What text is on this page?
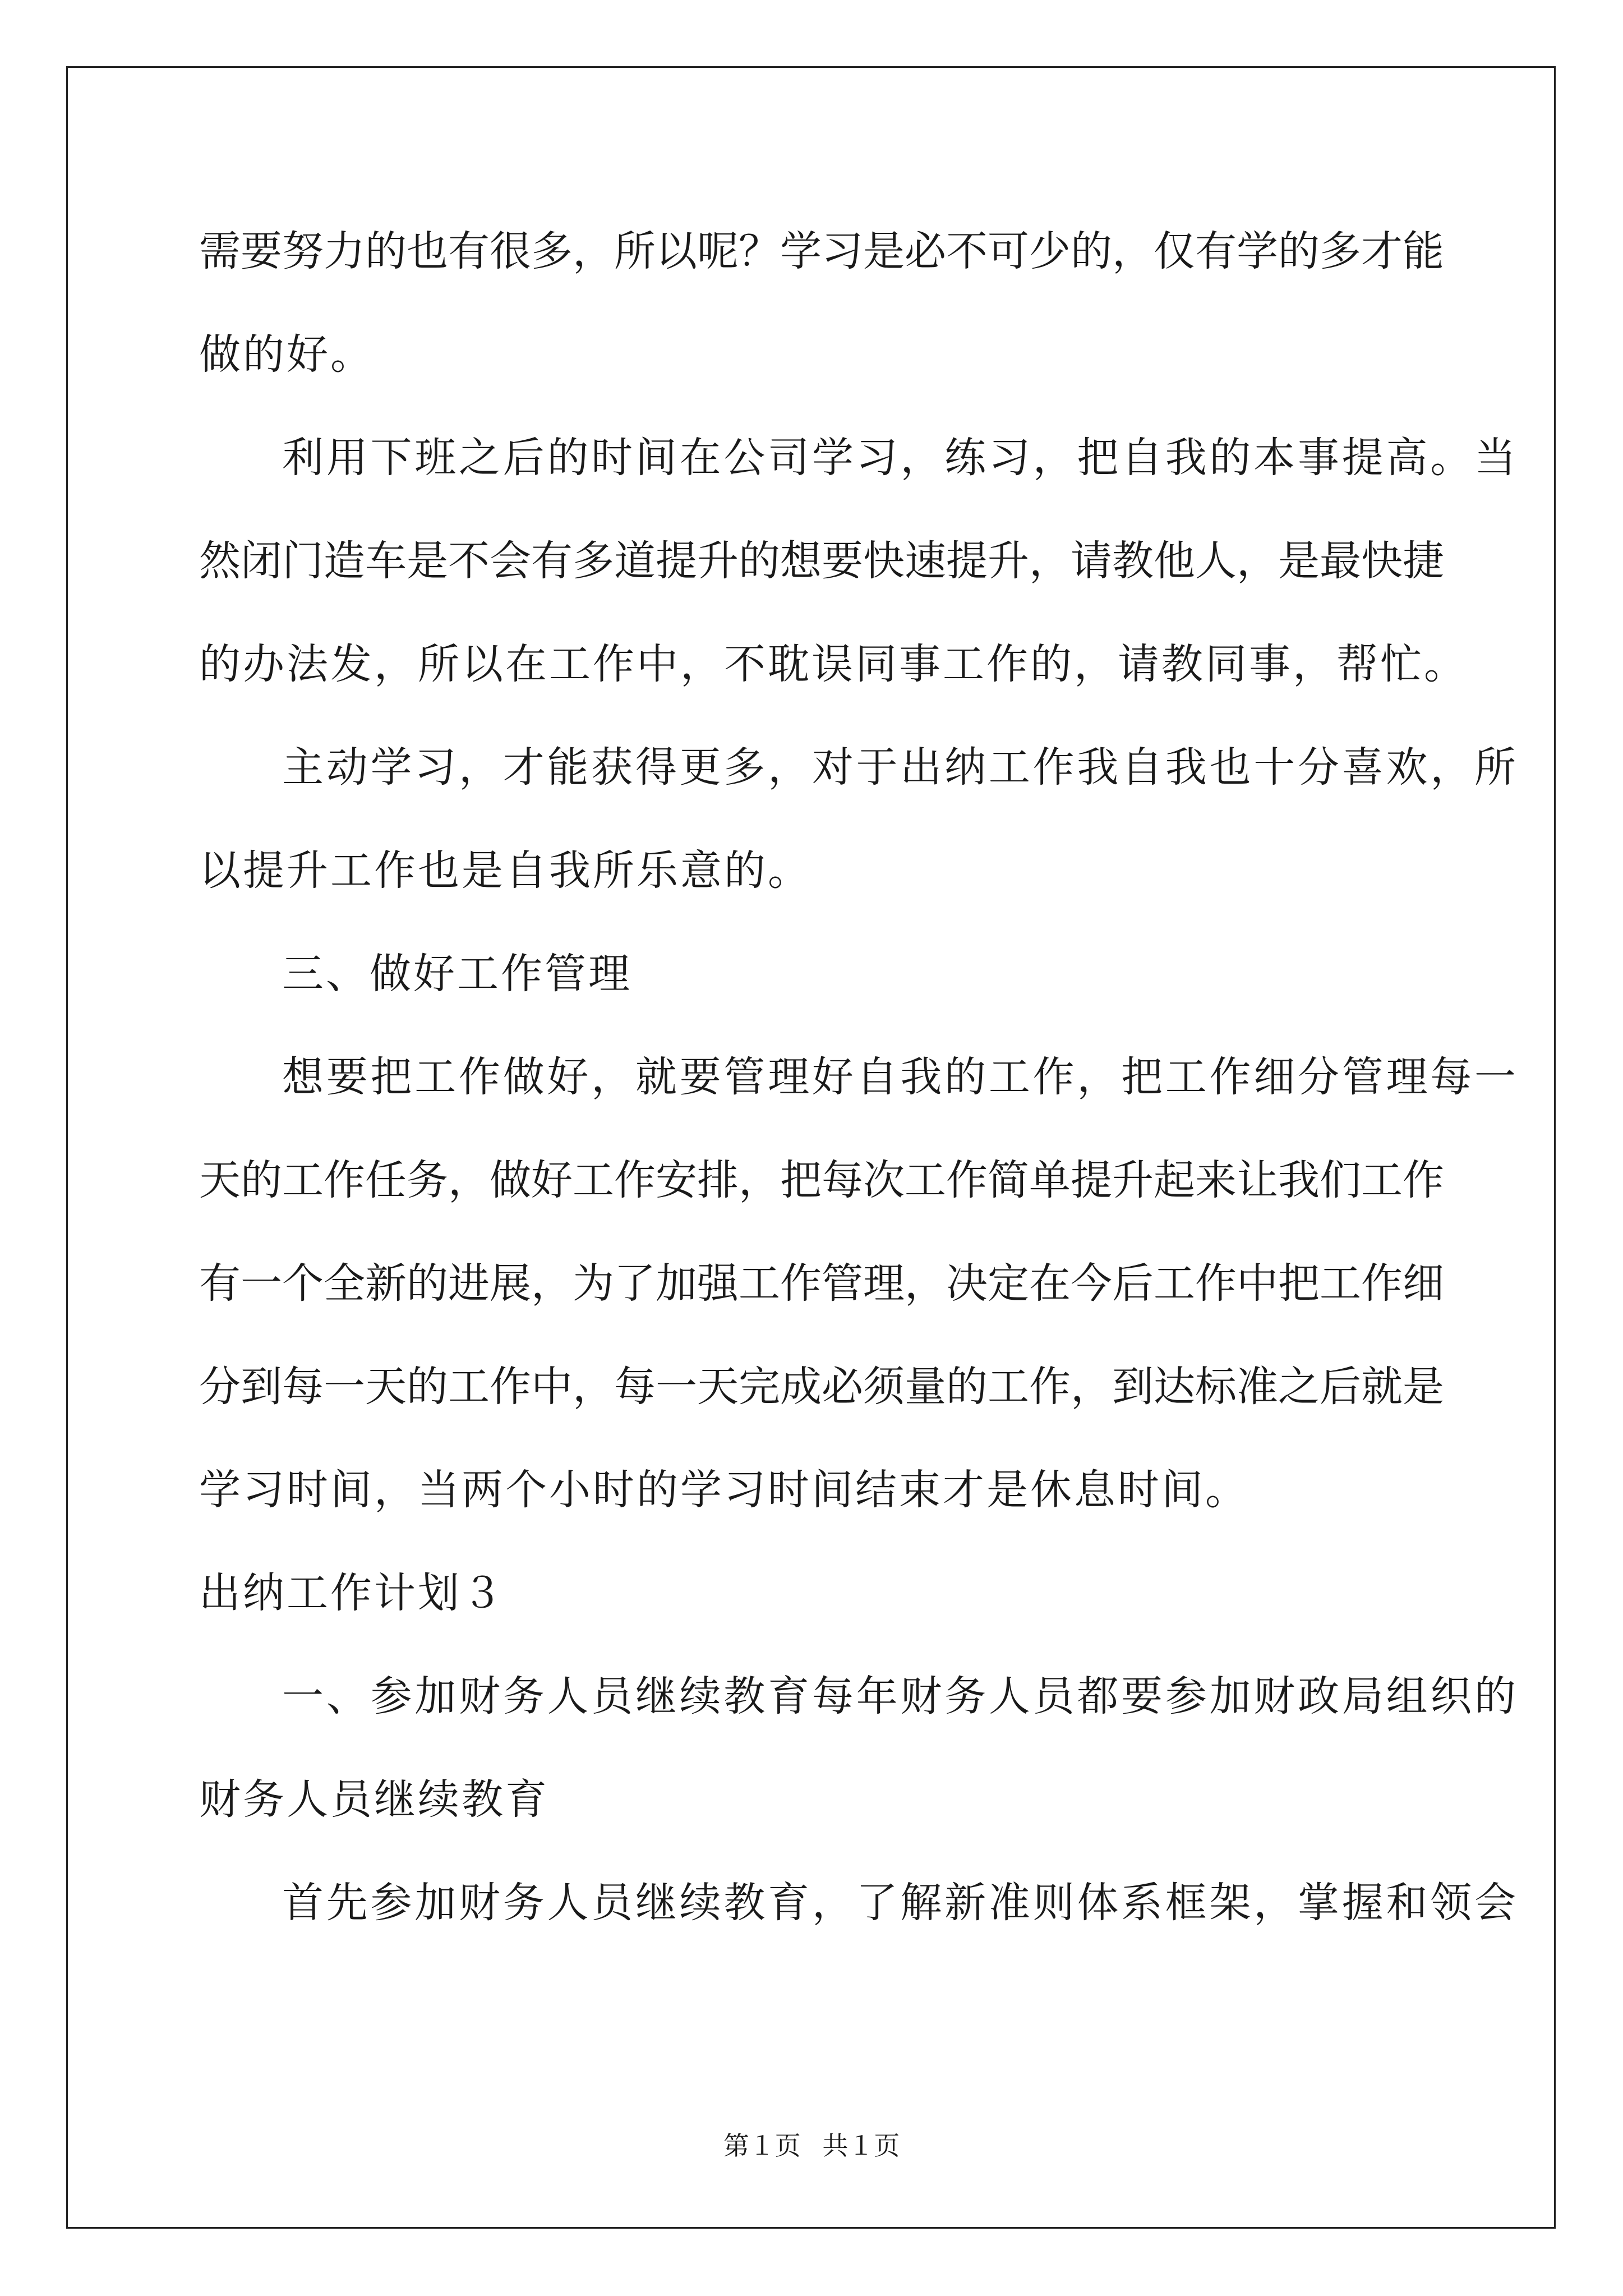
需要努力的也有很多，所以呢？学习是必不可少的，仅有学的多才能
做的好。
利用下班之后的时间在公司学习，练习，把自我的本事提高。当
然闭门造车是不会有多道提升的想要快速提升，请教他人，是最快捷
的办法发，所以在工作中，不耽误同事工作的，请教同事，帮忙。
主动学习，才能获得更多，对于出纳工作我自我也十分喜欢，所
以提升工作也是自我所乐意的。
三、做好工作管理
想要把工作做好，就要管理好自我的工作，把工作细分管理每一
天的工作任务，做好工作安排，把每次工作简单提升起来让我们工作
有一个全新的进展，为了加强工作管理，决定在今后工作中把工作细
分到每一天的工作中，每一天完成必须量的工作，到达标准之后就是
学习时间，当两个小时的学习时间结束才是休息时间。
出纳工作计划３
一、参加财务人员继续教育每年财务人员都要参加财政局组织的
财务人员继续教育
首先参加财务人员继续教育，了解新准则体系框架，掌握和领会
第１页 共１页
